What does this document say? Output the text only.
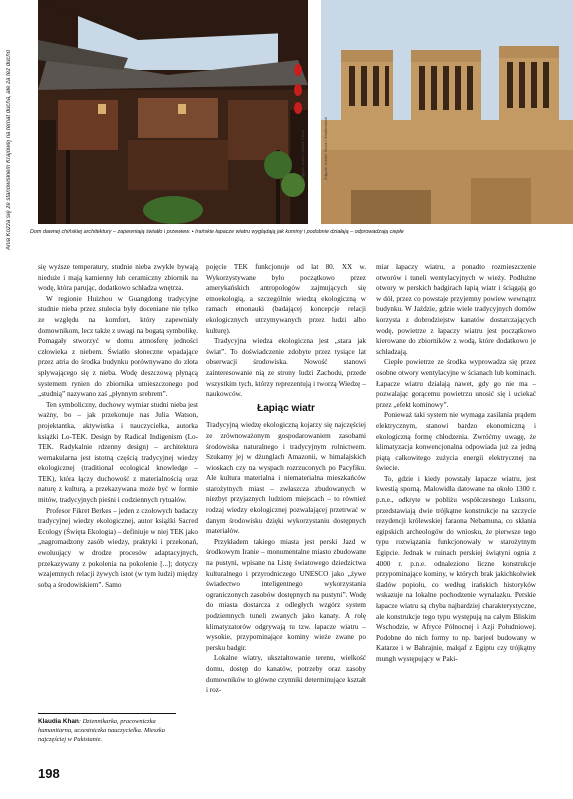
Ania Kozza się ze stanowiskiem Krajowej na temat ducha, ale za też ducho	Zdjęcie: autor / Adobe Stock	Zdjęcie: Adobe Stock / Shutterstock
Dom dawnej chińskiej architektury – zapewniają światło i przewiew. • Irańskie łapacze wiatru wyglądają jak kominy i podobnie działają – odprowadzają ciepłe

się wyższe temperatury, studnie nieba zwykle bywają nieduże i mają kamienny lub ceramiczny zbiornik na wodę, która parując, dodatkowo schładza wnętrza.

W regionie Huizhou w Guangdong tradycyjne studnie nieba przez stulecia były doceniane nie tylko ze względu na komfort, który zapewniały domownikom, lecz także z uwagi na bogatą symbolikę. Pomagały stworzyć w domu atmosferę jedności człowieka z niebem. Światło słoneczne wpadające przez atria do środka budynku porównywano do złota spływającego się z nieba. Wodę deszczową płynącą systemem rynien do zbiornika umieszczonego pod „studnią” nazywano zaś „płynnym srebrem”.

Ten symboliczny, duchowy wymiar studni nieba jest ważny, bo – jak przekonuje nas Julia Watson, projektantka, aktywistka i nauczycielka, autorka książki Lo-TEK. Design by Radical Indigenism (Lo-TEK. Radykalnie rdzenny design) – architektura wernakularna jest istotną częścią tradycyjnej wiedzy ekologicznej (traditional ecological knowledge – TEK), która łączy duchowość z materialnością oraz naturę z kulturą, a przekazywana może być w formie mitów, tradycyjnych pieśni i codziennych rytuałów.

Profesor Fikret Berkes – jeden z czołowych badaczy tradycyjnej wiedzy ekologicznej, autor książki Sacred Ecology (Święta Ekologia) – definiuje w niej TEK jako „nagromadzony zasób wiedzy, praktyki i przekonań, ewoluujący w drodze procesów adaptacyjnych, przekazywany z pokolenia na pokolenie [...]; dotyczy wzajemnych relacji żywych istot (w tym ludzi) między sobą a środowiskiem”. Samo

Klaudia Khan: Dziennikarka, pracowniczka humanitarna, uczestniczka nauczycielka. Mieszka najczęściej w Pakistanie.
198

pojęcie TEK funkcjonuje od lat 80. XX w. Wykorzystywane było początkowo przez amerykańskich antropologów zajmujących się etnoekologią, a szczególnie wiedzą ekologiczną w ramach etnonauki (badającej koncepcje relacji ekologicznych utrzymywanych przez ludzi albo kulturę).

Tradycyjna wiedza ekologiczna jest „stara jak świat”. To doświadczenie zdobyte przez tysiące lat obserwacji środowiska. Nowość stanowi zainteresowanie nią ze strony ludzi Zachodu, przede wszystkim tych, którzy reprezentują i tworzą Wiedzę – naukowców.

Łapiąc wiatr

Tradycyjną wiedzę ekologiczną kojarzy się najczęściej ze zrównoważonym gospodarowaniem zasobami środowiska naturalnego i tradycyjnym rolnictwem. Szukamy jej w dżunglach Amazonii, w himalajskich wioskach czy na wyspach rozrzuconych po Pacyfiku. Ale kultura materialna i niematerialna mieszkańców starożytnych miast – zwłaszcza zbudowanych w niezbyt przyjaznych ludziom miejscach – to również rodzaj wiedzy ekologicznej pozwalającej przetrwać w danym środowisku dzięki wykorzystaniu dostępnych materiałów.

Przykładem takiego miasta jest perski Jazd w środkowym Iranie – monumentalne miasto zbudowane na pustyni, wpisane na Listę światowego dziedzictwa kulturalnego i przyrodniczego UNESCO jako „żywe świadectwo inteligentnego wykorzystania ograniczonych zasobów dostępnych na pustyni”. Wodę do miasta dostarcza z odległych wzgórz system podziemnych tuneli zwanych jako kanaty. A rolę klimatyzatorów odgrywają tu tzw. łapacze wiatru – wysokie, przypominające kominy wieże zwane po persku badgir.

Lokalne wiatry, ukształtowanie terenu, wielkość domu, dostęp do kanatów, potrzeby oraz zasoby domowników to główne czynniki determinujące kształt i roz-

miar łapaczy wiatru, a ponadto rozmieszczenie otworów i tuneli wentylacyjnych w wieży. Podłużne otwory w perskich badgirach łapią wiatr i ściągają go w dół, przez co powstaje przyjemny powiew wewnątrz budynku. W Jaździe, gdzie wiele tradycyjnych domów korzysta z dobrodziejstw kanatów dostarczających wodę, powietrze z łapaczy wiatru jest początkowo kierowane do zbiorników z wodą, które dodatkowo je schładzają.

Ciepłe powietrze ze środka wyprowadza się przez osobne otwory wentylacyjne w ścianach lub kominach. Łapacze wiatru działają nawet, gdy go nie ma – pozwalając gorącemu powietrzu unosić się i uciekać przez „efekt kominowy”.

Ponieważ taki system nie wymaga zasilania prądem elektrycznym, stanowi bardzo ekonomiczną i ekologiczną formę chłodzenia. Zwróćmy uwagę, że klimatyzacja konwencjonalna odpowiada już za jedną piątą całkowitego zużycia energii elektrycznej na świecie.

To, gdzie i kiedy powstały łapacze wiatru, jest kwestią sporną. Malowidła datowane na około 1300 r. p.n.e., odkryte w pobliżu współczesnego Luksoru, przedstawiają dwie trójkątne konstrukcje na szczycie rezydencji królewskiej faraona Nebamuna, co skłania egipskich archeologów do wniosku, że pierwsze tego typu rozwiązania funkcjonowały w starożytnym Egipcie. Jednak w ruinach perskiej świątyni ognia z 4000 r. p.n.e. odnaleziono liczne konstrukcje przypominające kominy, w których brak jakichkolwiek śladów popiołu, co według irańskich historyków wskazuje na lokalne pochodzenie wynalazku. Perskie łapacze wiatru są chyba najbardziej charakterystyczne, ale konstrukcje tego typu występują na całym Bliskim Wschodzie, w Afryce Północnej i Azji Południowej. Podobne do nich formy to np. barjeel budowany w Katarze i w Bahrajnie, malqaf z Egiptu czy trójkątny mungh występujący w Paki-
